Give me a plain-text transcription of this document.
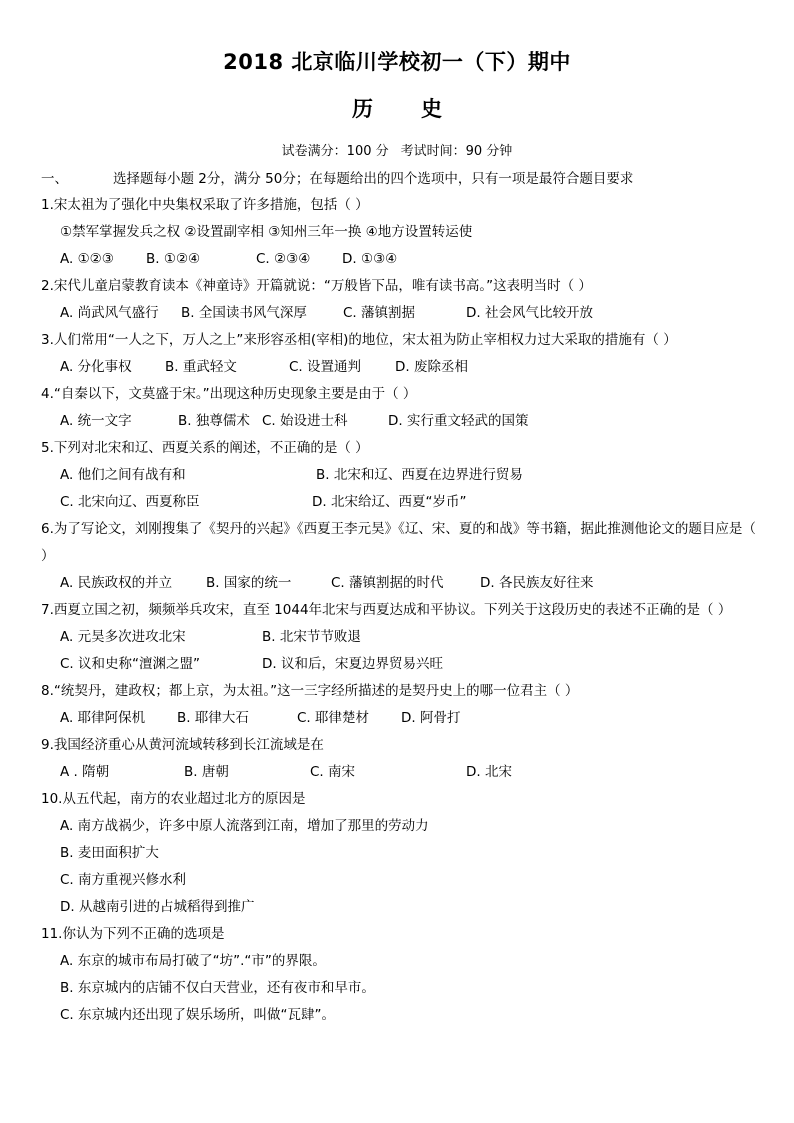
2018 北京临川学校初一（下）期中
历 史
试卷满分：100 分 考试时间：90 分钟
一、	选择题每小题 2分，满分 50分；在每题给出的四个选项中，只有一项是最符合题目要求
1.宋太祖为了强化中央集权采取了许多措施，包括（ ）
①禁军掌握发兵之权 ②设置副宰相 ③知州三年一换 ④地方设置转运使
A. ①②③	B. ①②④	C. ②③④	D. ①③④
2.宋代儿童启蒙教育读本《神童诗》开篇就说：“万般皆下品，唯有读书高。”这表明当时（ ）
A. 尚武风气盛行	B. 全国读书风气深厚	C. 藩镇割据	D. 社会风气比较开放
3.人们常用“一人之下，万人之上”来形容丞相(宰相)的地位，宋太祖为防止宰相权力过大采取的措施有（ ）
A. 分化事权	B. 重武轻文	C. 设置通判	D. 废除丞相
4.“自秦以下，文莫盛于宋。”出现这种历史现象主要是由于（ ）
A. 统一文字	B. 独尊儒术 C. 始设进士科	D. 实行重文轻武的国策
5.下列对北宋和辽、西夏关系的阐述，不正确的是（ ）
A. 他们之间有战有和	B. 北宋和辽、西夏在边界进行贸易
C. 北宋向辽、西夏称臣	D. 北宋给辽、西夏“岁币”
6.为了写论文，刘刚搜集了《契丹的兴起》《西夏王李元昊》《辽、宋、夏的和战》等书籍，据此推测他论文的题目应是（ ）
A. 民族政权的并立	B. 国家的统一	C. 藩镇割据的时代	D. 各民族友好往来
7.西夏立国之初，频频举兵攻宋，直至 1044年北宋与西夏达成和平协议。下列关于这段历史的表述不正确的是（ ）
A. 元昊多次进攻北宋	B. 北宋节节败退
C. 议和史称“澶渊之盟”	D. 议和后，宋夏边界贸易兴旺
8.“统契丹，建政权；都上京，为太祖。”这一三字经所描述的是契丹史上的哪一位君主（ ）
A. 耶律阿保机	B. 耶律大石	C. 耶律楚材	D. 阿骨打
9.我国经济重心从黄河流域转移到长江流域是在
A . 隋朝	B. 唐朝	C. 南宋	D. 北宋
10.从五代起，南方的农业超过北方的原因是
A. 南方战祸少，许多中原人流落到江南，增加了那里的劳动力
B. 麦田面积扩大
C. 南方重视兴修水利
D. 从越南引进的占城稻得到推广
11.你认为下列不正确的选项是
A. 东京的城市布局打破了“坊”.“市”的界限。
B. 东京城内的店铺不仅白天营业，还有夜市和早市。
C. 东京城内还出现了娱乐场所，叫做“瓦肆”。
